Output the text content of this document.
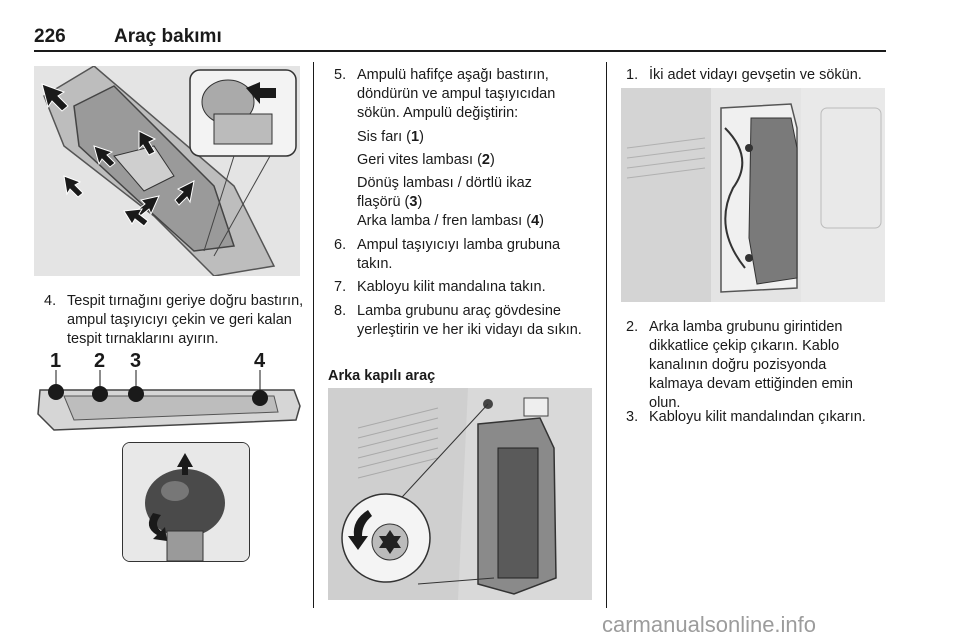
226	Araç bakımı
4. Tespit tırnağını geriye doğru bastırın, ampul taşıyıcıyı çekin ve geri kalan tespit tırnaklarını ayırın.
1 2 3	4
5. Ampulü hafifçe aşağı bastırın, döndürün ve ampul taşıyıcıdan sökün. Ampulü değiştirin:

Sis farı (1)

Geri vites lambası (2)

Dönüş lambası / dörtlü ikaz flaşörü (3)

Arka lamba / fren lambası (4)

6. Ampul taşıyıcıyı lamba grubuna takın.
7. Kabloyu kilit mandalına takın.
8. Lamba grubunu araç gövdesine yerleştirin ve her iki vidayı da sıkın.
Arka kapılı araç
1. İki adet vidayı gevşetin ve sökün.
2. Arka lamba grubunu girintiden dikkatlice çekip çıkarın. Kablo kanalının doğru pozisyonda kalmaya devam ettiğinden emin olun.
3. Kabloyu kilit mandalından çıkarın.
carmanualsonline.info
